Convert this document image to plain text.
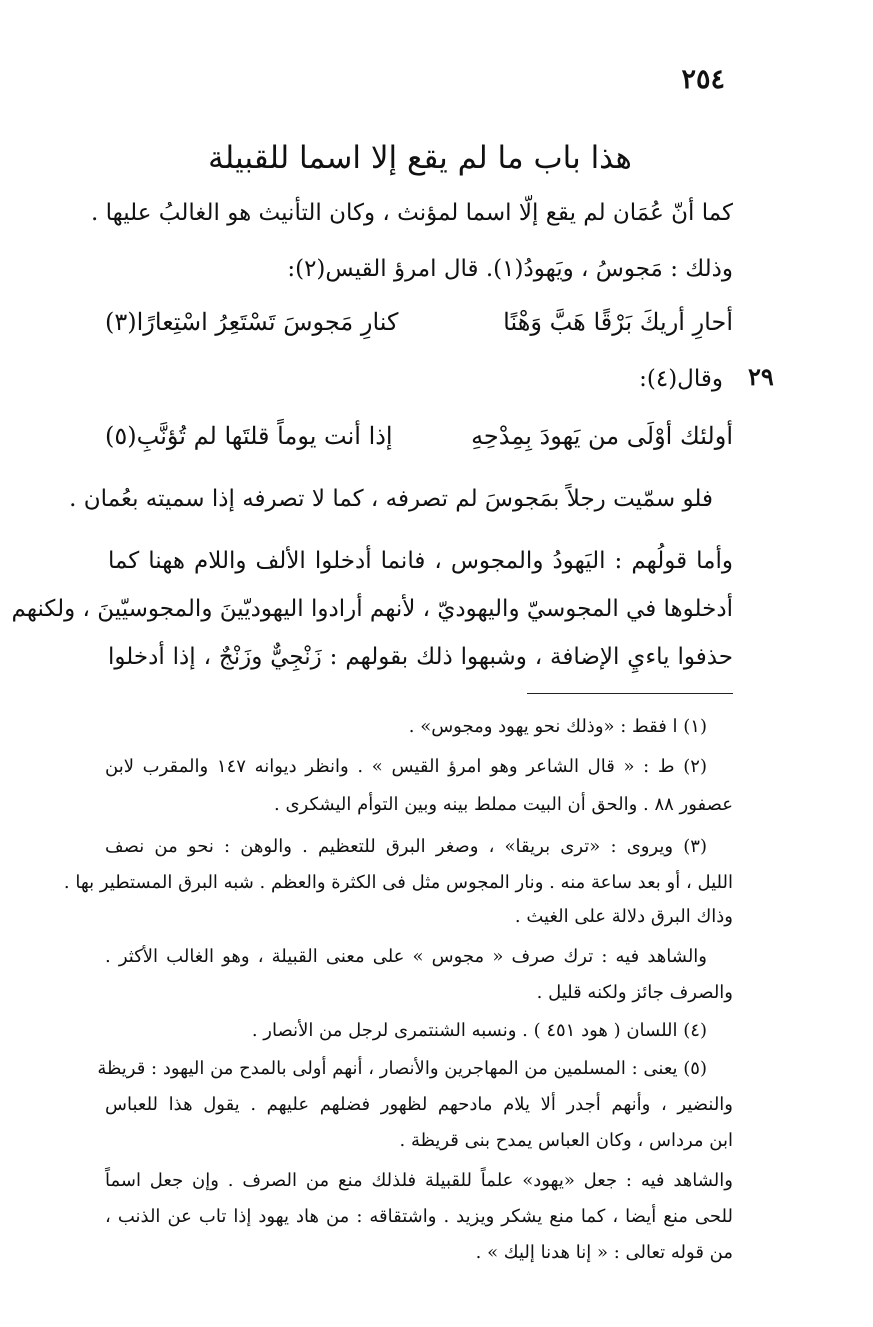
٢٥٤
هذا باب ما لم يقع إلا اسما للقبيلة
كما أنّ عُمَان لم يقع إلّا اسما لمؤنث ، وكان التأنيث هو الغالبُ عليها .
وذلك : مَجوسُ ، ويَهودُ(١). قال امرؤ القيس(٢):
أحارِ أريكَ بَرْقًا هَبَّ وَهْنًا
كنارِ مَجوسَ تَسْتَعِرُ اسْتِعارًا(٣)
٢٩
وقال(٤):
أولئك أوْلَى من يَهودَ بِمِدْحِهِ
إذا أنت يوماً قلتَها لم تُؤنَّبِ(٥)
فلو سمّيت رجلاً بمَجوسَ لم تصرفه ، كما لا تصرفه إذا سميته بعُمان .
وأما قولُهم : اليَهودُ والمجوس ، فانما أدخلوا الألف واللام ههنا كما
أدخلوها في المجوسيّ واليهوديّ ، لأنهم أرادوا اليهوديّينَ والمجوسيّينَ ، ولكنهم
حذفوا ياءيِ الإضافة ، وشبهوا ذلك بقولهم : زَنْجِيٌّ وزَنْجٌ ، إذا أدخلوا
(١) ا فقط : «وذلك نحو يهود ومجوس» .
(٢) ط : « قال الشاعر وهو امرؤ القيس » . وانظر ديوانه ١٤٧ والمقرب لابن
عصفور ٨٨ . والحق أن البيت مملط بينه وبين التوأم اليشكرى .
(٣) ويروى : «ترى بريقا» ، وصغر البرق للتعظيم . والوهن : نحو من نصف
الليل ، أو بعد ساعة منه . ونار المجوس مثل فى الكثرة والعظم . شبه البرق المستطير بها .
وذاك البرق دلالة على الغيث .
والشاهد فيه : ترك صرف « مجوس » على معنى القبيلة ، وهو الغالب الأكثر .
والصرف جائز ولكنه قليل .
(٤) اللسان ( هود ٤٥١ ) . ونسبه الشنتمرى لرجل من الأنصار .
(٥) يعنى : المسلمين من المهاجرين والأنصار ، أنهم أولى بالمدح من اليهود : قريظة
والنضير ، وأنهم أجدر ألا يلام مادحهم لظهور فضلهم عليهم . يقول هذا للعباس
ابن مرداس ، وكان العباس يمدح بنى قريظة .
والشاهد فيه : جعل «يهود» علماً للقبيلة فلذلك منع من الصرف . وإن جعل اسماً
للحى منع أيضا ، كما منع يشكر ويزيد . واشتقاقه : من هاد يهود إذا تاب عن الذنب ،
من قوله تعالى : « إنا هدنا إليك » .
